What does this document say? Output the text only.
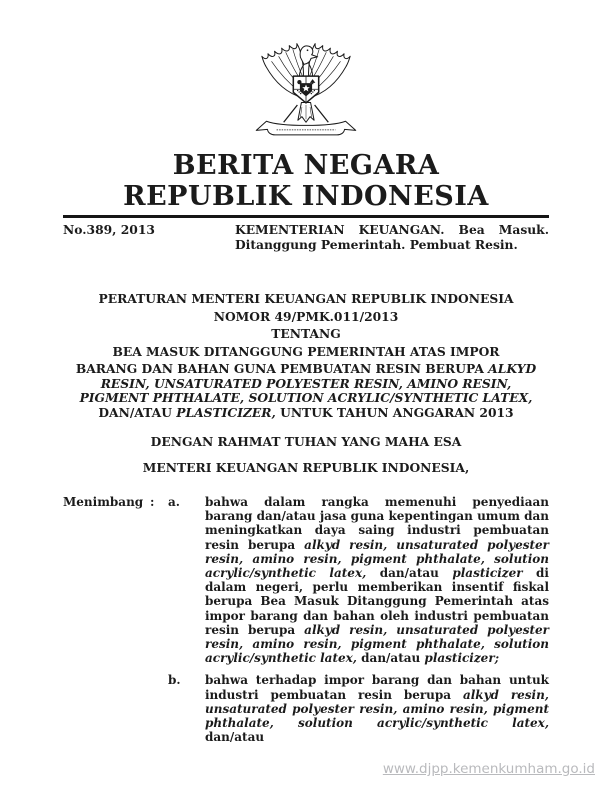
BERITA NEGARA
REPUBLIK INDONESIA
No.389, 2013	KEMENTERIAN KEUANGAN. Bea Masuk. Ditanggung Pemerintah. Pembuat Resin.
PERATURAN MENTERI KEUANGAN REPUBLIK INDONESIA
NOMOR 49/PMK.011/2013
TENTANG
BEA MASUK DITANGGUNG PEMERINTAH ATAS IMPOR
BARANG DAN BAHAN GUNA PEMBUATAN RESIN BERUPA ALKYD RESIN, UNSATURATED POLYESTER RESIN, AMINO RESIN, PIGMENT PHTHALATE, SOLUTION ACRYLIC/SYNTHETIC LATEX, DAN/ATAU PLASTICIZER, UNTUK TAHUN ANGGARAN 2013
DENGAN RAHMAT TUHAN YANG MAHA ESA
MENTERI KEUANGAN REPUBLIK INDONESIA,
Menimbang :	a.	bahwa dalam rangka memenuhi penyediaan barang dan/atau jasa guna kepentingan umum dan meningkatkan daya saing industri pembuatan resin berupa alkyd resin, unsaturated polyester resin, amino resin, pigment phthalate, solution acrylic/synthetic latex, dan/atau plasticizer di dalam negeri, perlu memberikan insentif fiskal berupa Bea Masuk Ditanggung Pemerintah atas impor barang dan bahan oleh industri pembuatan resin berupa alkyd resin, unsaturated polyester resin, amino resin, pigment phthalate, solution acrylic/synthetic latex, dan/atau plasticizer;
b.	bahwa terhadap impor barang dan bahan untuk industri pembuatan resin berupa alkyd resin, unsaturated polyester resin, amino resin, pigment phthalate, solution acrylic/synthetic latex, dan/atau
www.djpp.kemenkumham.go.id
